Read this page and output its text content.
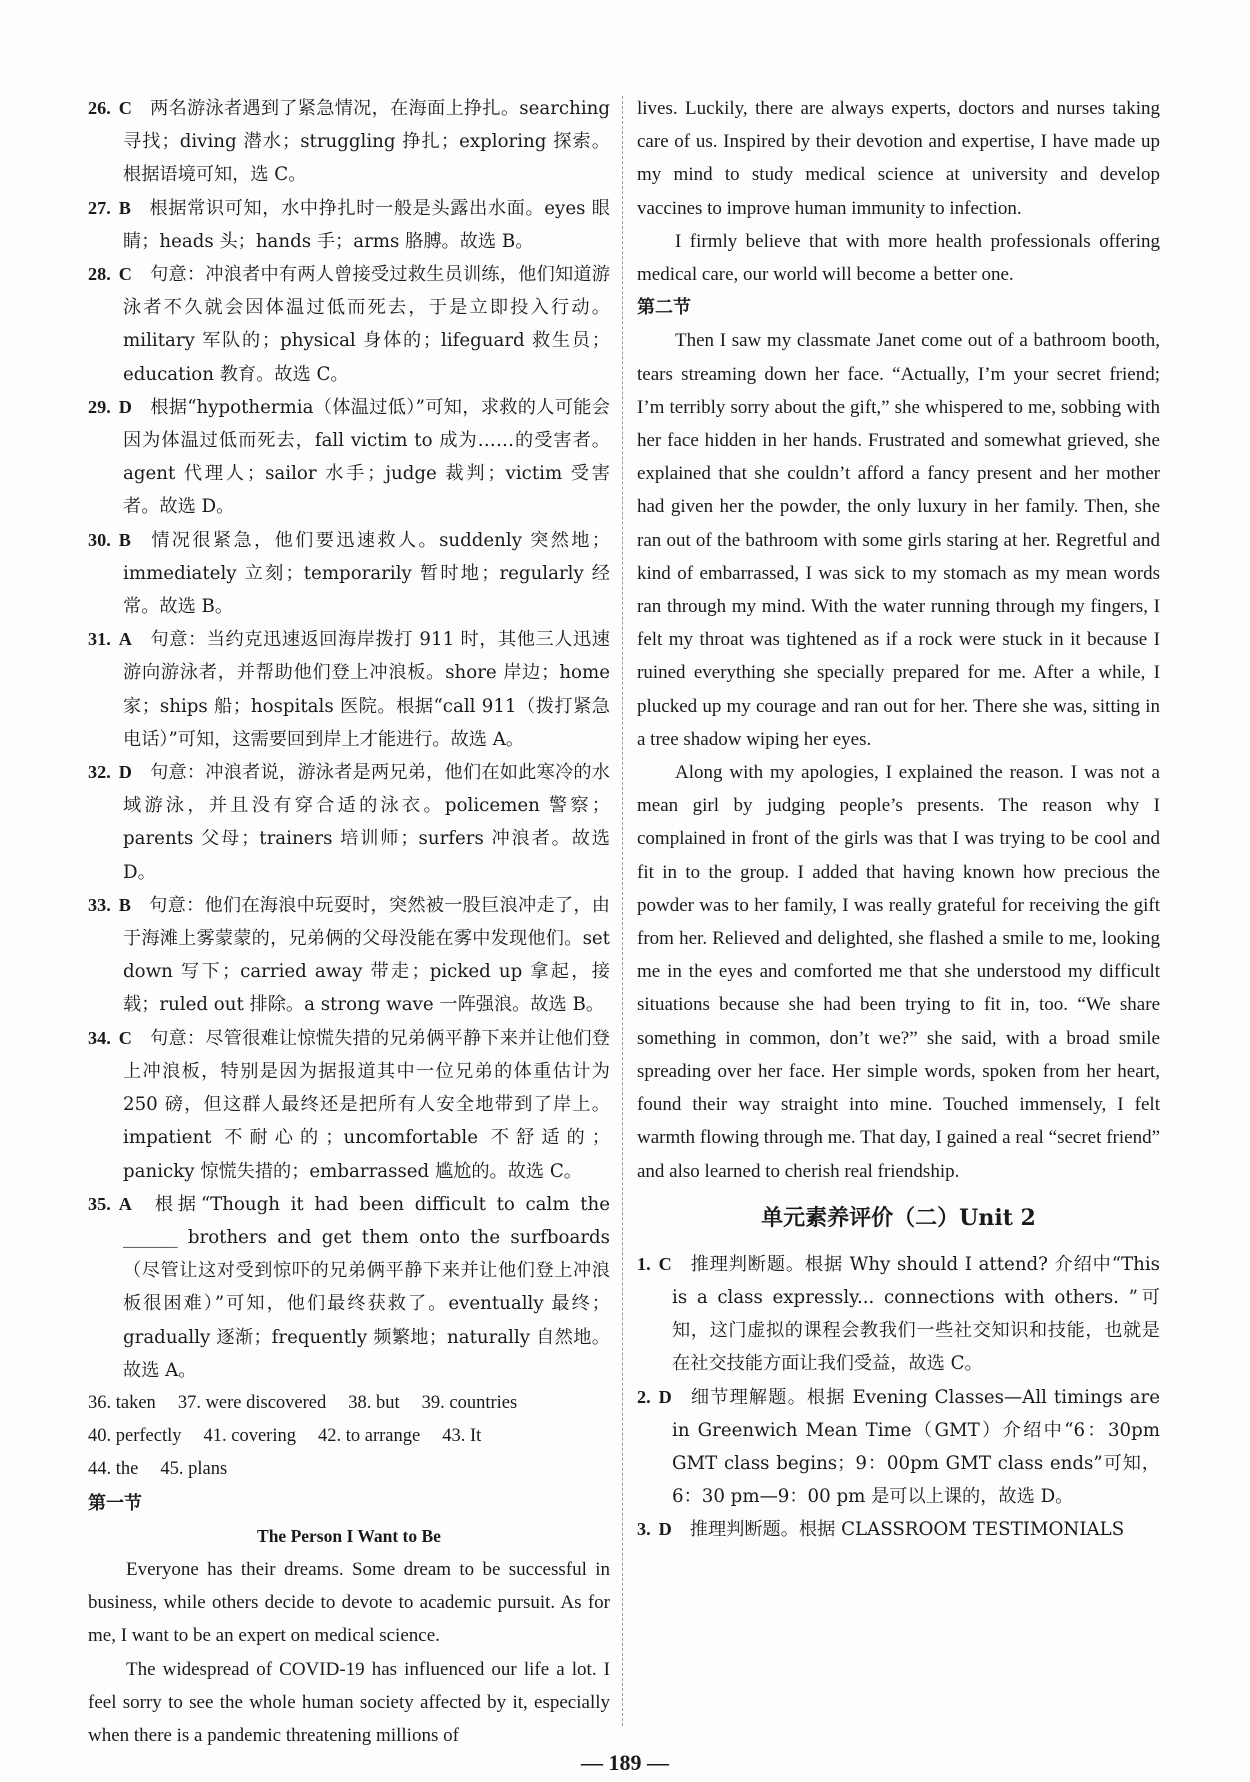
26. C 两名游泳者遇到了紧急情况，在海面上挣扎。searching 寻找；diving 潜水；struggling 挣扎；exploring 探索。根据语境可知，选 C。

27. B 根据常识可知，水中挣扎时一般是头露出水面。eyes 眼睛；heads 头；hands 手；arms 胳膊。故选 B。

28. C 句意：冲浪者中有两人曾接受过救生员训练，他们知道游泳者不久就会因体温过低而死去，于是立即投入行动。military 军队的；physical 身体的；lifeguard 救生员；education 教育。故选 C。

29. D 根据“hypothermia（体温过低）”可知，求救的人可能会因为体温过低而死去，fall victim to 成为……的受害者。agent 代理人；sailor 水手；judge 裁判；victim 受害者。故选 D。

30. B 情况很紧急，他们要迅速救人。suddenly 突然地；immediately 立刻；temporarily 暂时地；regularly 经常。故选 B。

31. A 句意：当约克迅速返回海岸拨打 911 时，其他三人迅速游向游泳者，并帮助他们登上冲浪板。shore 岸边；home 家；ships 船；hospitals 医院。根据“call 911（拨打紧急电话）”可知，这需要回到岸上才能进行。故选 A。

32. D 句意：冲浪者说，游泳者是两兄弟，他们在如此寒冷的水域游泳，并且没有穿合适的泳衣。policemen 警察；parents 父母；trainers 培训师；surfers 冲浪者。故选 D。

33. B 句意：他们在海浪中玩耍时，突然被一股巨浪冲走了，由于海滩上雾蒙蒙的，兄弟俩的父母没能在雾中发现他们。set down 写下；carried away 带走；picked up 拿起，接载；ruled out 排除。a strong wave 一阵强浪。故选 B。

34. C 句意：尽管很难让惊慌失措的兄弟俩平静下来并让他们登上冲浪板，特别是因为据报道其中一位兄弟的体重估计为 250 磅，但这群人最终还是把所有人安全地带到了岸上。impatient 不耐心的；uncomfortable 不舒适的；panicky 惊慌失措的；embarrassed 尴尬的。故选 C。

35. A 根据“Though it had been difficult to calm the ______ brothers and get them onto the surfboards（尽管让这对受到惊吓的兄弟俩平静下来并让他们登上冲浪板很困难）”可知，他们最终获救了。eventually 最终；gradually 逐渐；frequently 频繁地；naturally 自然地。故选 A。

36. taken 37. were discovered 38. but 39. countries

40. perfectly 41. covering 42. to arrange 43. It

44. the 45. plans

第一节

The Person I Want to Be

Everyone has their dreams. Some dream to be successful in business, while others decide to devote to academic pursuit. As for me, I want to be an expert on medical science.

The widespread of COVID-19 has influenced our life a lot. I feel sorry to see the whole human society affected by it, especially when there is a pandemic threatening millions of

lives. Luckily, there are always experts, doctors and nurses taking care of us. Inspired by their devotion and expertise, I have made up my mind to study medical science at university and develop vaccines to improve human immunity to infection.

I firmly believe that with more health professionals offering medical care, our world will become a better one.

第二节

Then I saw my classmate Janet come out of a bathroom booth, tears streaming down her face. “Actually, I’m your secret friend; I’m terribly sorry about the gift,” she whispered to me, sobbing with her face hidden in her hands. Frustrated and somewhat grieved, she explained that she couldn’t afford a fancy present and her mother had given her the powder, the only luxury in her family. Then, she ran out of the bathroom with some girls staring at her. Regretful and kind of embarrassed, I was sick to my stomach as my mean words ran through my mind. With the water running through my fingers, I felt my throat was tightened as if a rock were stuck in it because I ruined everything she specially prepared for me. After a while, I plucked up my courage and ran out for her. There she was, sitting in a tree shadow wiping her eyes.

Along with my apologies, I explained the reason. I was not a mean girl by judging people’s presents. The reason why I complained in front of the girls was that I was trying to be cool and fit in to the group. I added that having known how precious the powder was to her family, I was really grateful for receiving the gift from her. Relieved and delighted, she flashed a smile to me, looking me in the eyes and comforted me that she understood my difficult situations because she had been trying to fit in, too. “We share something in common, don’t we?” she said, with a broad smile spreading over her face. Her simple words, spoken from her heart, found their way straight into mine. Touched immensely, I felt warmth flowing through me. That day, I gained a real “secret friend” and also learned to cherish real friendship.

单元素养评价（二）Unit 2

1. C 推理判断题。根据 Why should I attend? 介绍中“This is a class expressly... connections with others. ”可知，这门虚拟的课程会教我们一些社交知识和技能，也就是在社交技能方面让我们受益，故选 C。

2. D 细节理解题。根据 Evening Classes—All timings are in Greenwich Mean Time（GMT）介绍中“6：30pm GMT class begins；9：00pm GMT class ends”可知，6：30 pm—9：00 pm 是可以上课的，故选 D。

3. D 推理判断题。根据 CLASSROOM TESTIMONIALS

— 189 —
